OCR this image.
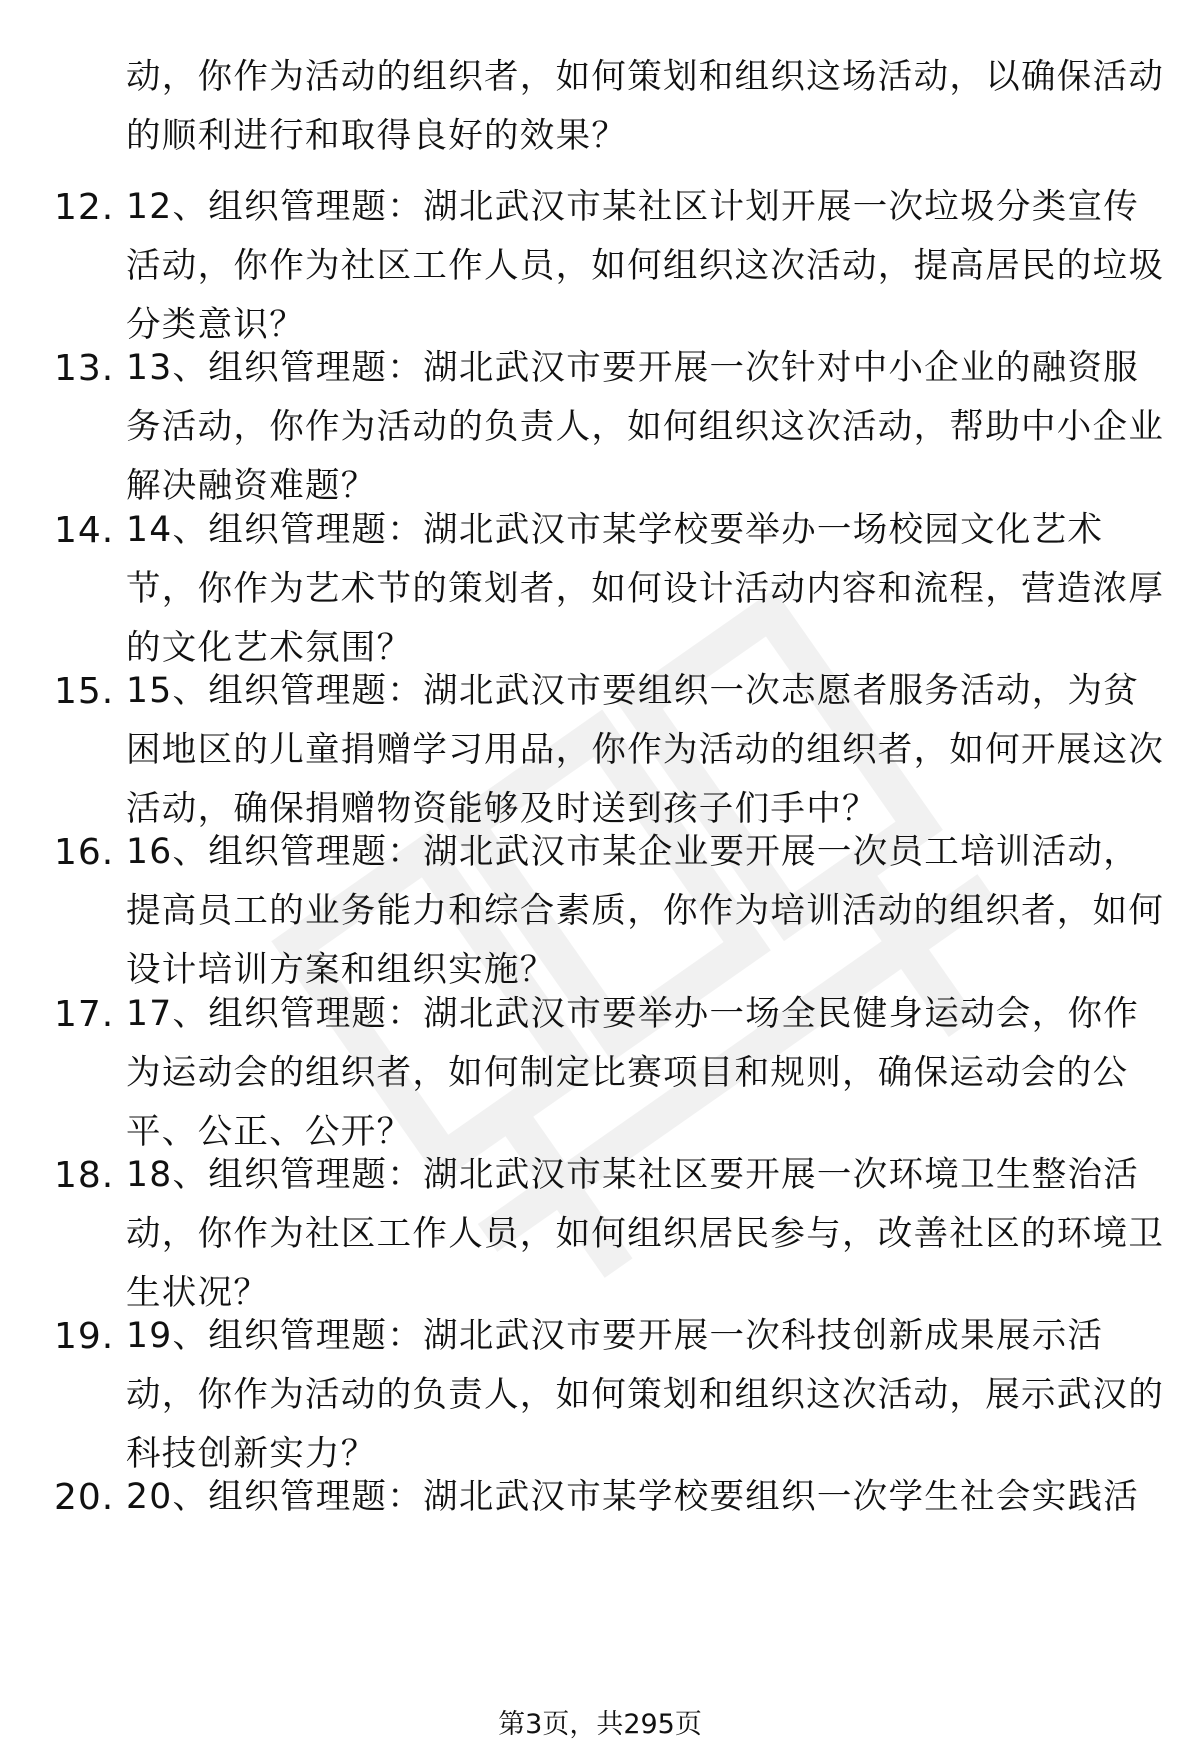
动，你作为活动的组织者，如何策划和组织这场活动，以确保活动的顺利进行和取得良好的效果？

12. 12、组织管理题：湖北武汉市某社区计划开展一次垃圾分类宣传活动，你作为社区工作人员，如何组织这次活动，提高居民的垃圾分类意识？

13. 13、组织管理题：湖北武汉市要开展一次针对中小企业的融资服务活动，你作为活动的负责人，如何组织这次活动，帮助中小企业解决融资难题？

14. 14、组织管理题：湖北武汉市某学校要举办一场校园文化艺术节，你作为艺术节的策划者，如何设计活动内容和流程，营造浓厚的文化艺术氛围？

15. 15、组织管理题：湖北武汉市要组织一次志愿者服务活动，为贫困地区的儿童捐赠学习用品，你作为活动的组织者，如何开展这次活动，确保捐赠物资能够及时送到孩子们手中？

16. 16、组织管理题：湖北武汉市某企业要开展一次员工培训活动，提高员工的业务能力和综合素质，你作为培训活动的组织者，如何设计培训方案和组织实施？

17. 17、组织管理题：湖北武汉市要举办一场全民健身运动会，你作为运动会的组织者，如何制定比赛项目和规则，确保运动会的公平、公正、公开？

18. 18、组织管理题：湖北武汉市某社区要开展一次环境卫生整治活动，你作为社区工作人员，如何组织居民参与，改善社区的环境卫生状况？

19. 19、组织管理题：湖北武汉市要开展一次科技创新成果展示活动，你作为活动的负责人，如何策划和组织这次活动，展示武汉的科技创新实力？

20. 20、组织管理题：湖北武汉市某学校要组织一次学生社会实践活

第3页，共295页
